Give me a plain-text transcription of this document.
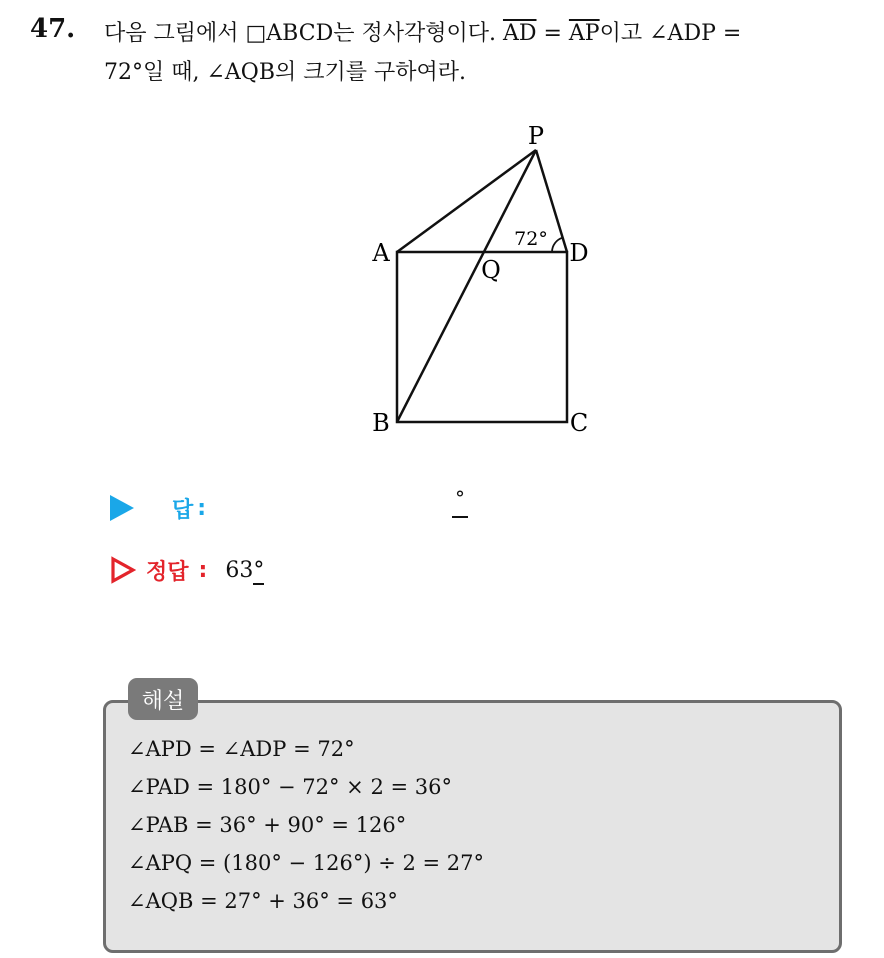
47. 다음 그림에서 □ABCD는 정사각형이다. $\overline{AD} = \overline{AP}$이고 ∠ADP =
72°일 때, ∠AQB의 크기를 구하여라.
P
A	D
B	C
Q
72°
답 :	°
정답 : 63°
해설
∠APD = ∠ADP = 72°
∠PAD = 180° − 72° × 2 = 36°
∠PAB = 36° + 90° = 126°
∠APQ = (180° − 126°) ÷ 2 = 27°
∠AQB = 27° + 36° = 63°
